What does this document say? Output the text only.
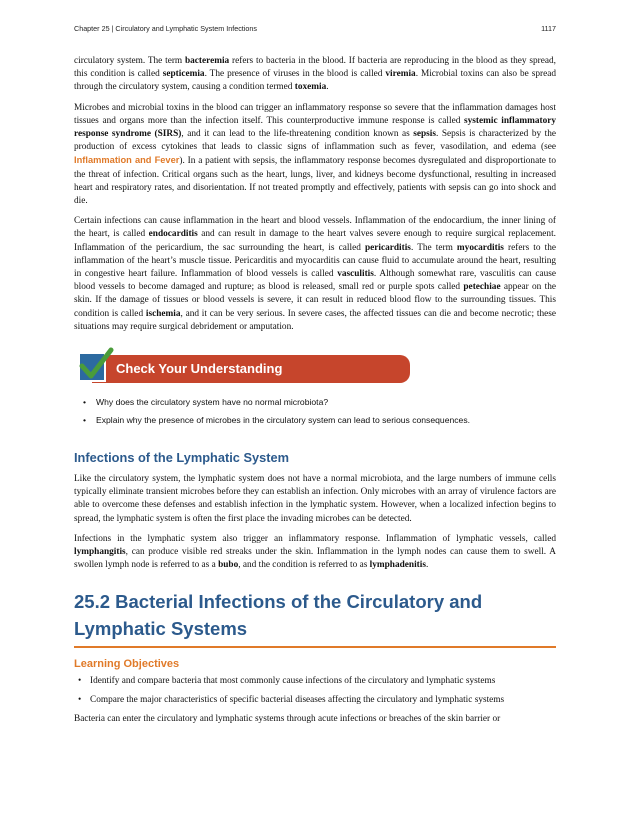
Chapter 25 | Circulatory and Lymphatic System Infections	1117

circulatory system. The term bacteremia refers to bacteria in the blood. If bacteria are reproducing in the blood as they spread, this condition is called septicemia. The presence of viruses in the blood is called viremia. Microbial toxins can also be spread through the circulatory system, causing a condition termed toxemia.

Microbes and microbial toxins in the blood can trigger an inflammatory response so severe that the inflammation damages host tissues and organs more than the infection itself. This counterproductive immune response is called systemic inflammatory response syndrome (SIRS), and it can lead to the life-threatening condition known as sepsis. Sepsis is characterized by the production of excess cytokines that leads to classic signs of inflammation such as fever, vasodilation, and edema (see Inflammation and Fever). In a patient with sepsis, the inflammatory response becomes dysregulated and disproportionate to the threat of infection. Critical organs such as the heart, lungs, liver, and kidneys become dysfunctional, resulting in increased heart and respiratory rates, and disorientation. If not treated promptly and effectively, patients with sepsis can go into shock and die.

Certain infections can cause inflammation in the heart and blood vessels. Inflammation of the endocardium, the inner lining of the heart, is called endocarditis and can result in damage to the heart valves severe enough to require surgical replacement. Inflammation of the pericardium, the sac surrounding the heart, is called pericarditis. The term myocarditis refers to the inflammation of the heart’s muscle tissue. Pericarditis and myocarditis can cause fluid to accumulate around the heart, resulting in congestive heart failure. Inflammation of blood vessels is called vasculitis. Although somewhat rare, vasculitis can cause blood vessels to become damaged and rupture; as blood is released, small red or purple spots called petechiae appear on the skin. If the damage of tissues or blood vessels is severe, it can result in reduced blood flow to the surrounding tissues. This condition is called ischemia, and it can be very serious. In severe cases, the affected tissues can die and become necrotic; these situations may require surgical debridement or amputation.

Check Your Understanding
• Why does the circulatory system have no normal microbiota?
• Explain why the presence of microbes in the circulatory system can lead to serious consequences.
Infections of the Lymphatic System

Like the circulatory system, the lymphatic system does not have a normal microbiota, and the large numbers of immune cells typically eliminate transient microbes before they can establish an infection. Only microbes with an array of virulence factors are able to overcome these defenses and establish infection in the lymphatic system. However, when a localized infection begins to spread, the lymphatic system is often the first place the invading microbes can be detected.

Infections in the lymphatic system also trigger an inflammatory response. Inflammation of lymphatic vessels, called lymphangitis, can produce visible red streaks under the skin. Inflammation in the lymph nodes can cause them to swell. A swollen lymph node is referred to as a bubo, and the condition is referred to as lymphadenitis.

25.2 Bacterial Infections of the Circulatory and Lymphatic Systems
Learning Objectives
• Identify and compare bacteria that most commonly cause infections of the circulatory and lymphatic systems
• Compare the major characteristics of specific bacterial diseases affecting the circulatory and lymphatic systems

Bacteria can enter the circulatory and lymphatic systems through acute infections or breaches of the skin barrier or
